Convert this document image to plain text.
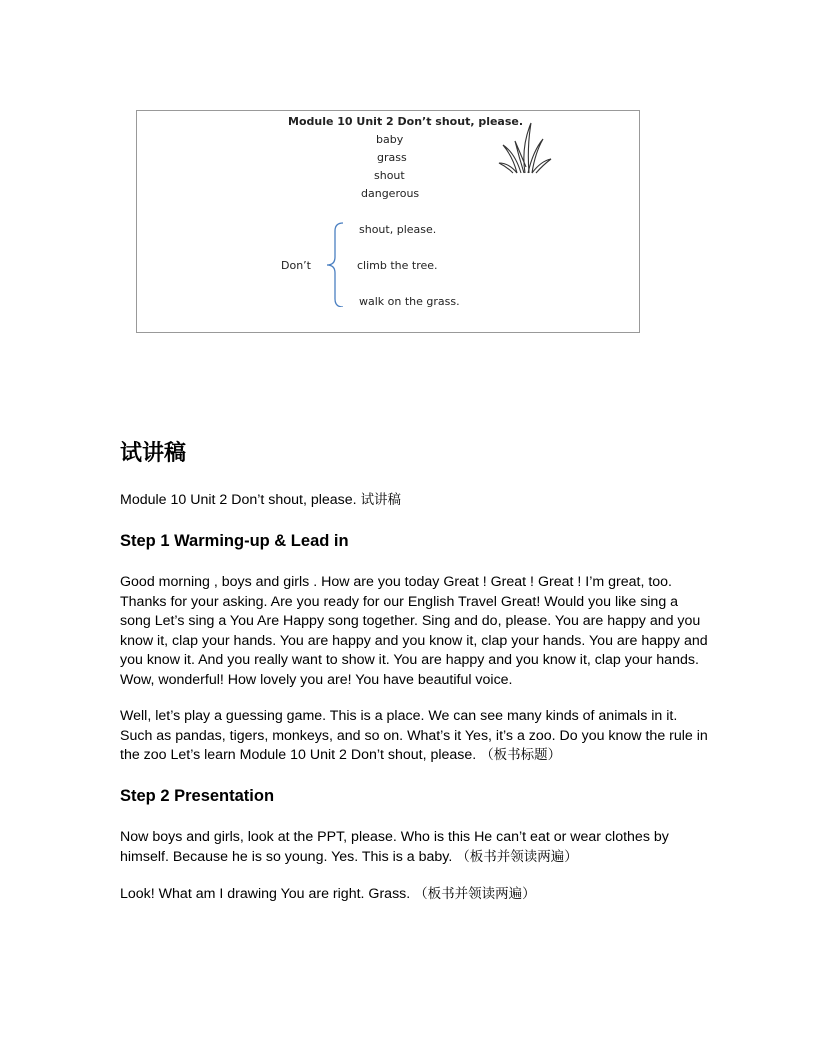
Module 10 Unit 2 Don’t shout, please.
baby
grass
shout
dangerous
Don’t
shout, please.
climb the tree.
walk on the grass.
试讲稿

Module 10 Unit 2 Don’t shout, please. 试讲稿

Step 1 Warming-up & Lead in

Good morning , boys and girls . How are you today Great ! Great ! Great ! I’m great, too. Thanks for your asking. Are you ready for our English Travel Great! Would you like sing a song Let’s sing a You Are Happy song together. Sing and do, please. You are happy and you know it, clap your hands. You are happy and you know it, clap your hands. You are happy and you know it. And you really want to show it. You are happy and you know it, clap your hands. Wow, wonderful! How lovely you are! You have beautiful voice.

Well, let’s play a guessing game. This is a place. We can see many kinds of animals in it. Such as pandas, tigers, monkeys, and so on. What’s it Yes, it’s a zoo. Do you know the rule in the zoo Let’s learn Module 10 Unit 2 Don’t shout, please. （板书标题）

Step 2 Presentation

Now boys and girls, look at the PPT, please. Who is this He can’t eat or wear clothes by himself. Because he is so young. Yes. This is a baby. （板书并领读两遍）

Look! What am I drawing You are right. Grass. （板书并领读两遍）
